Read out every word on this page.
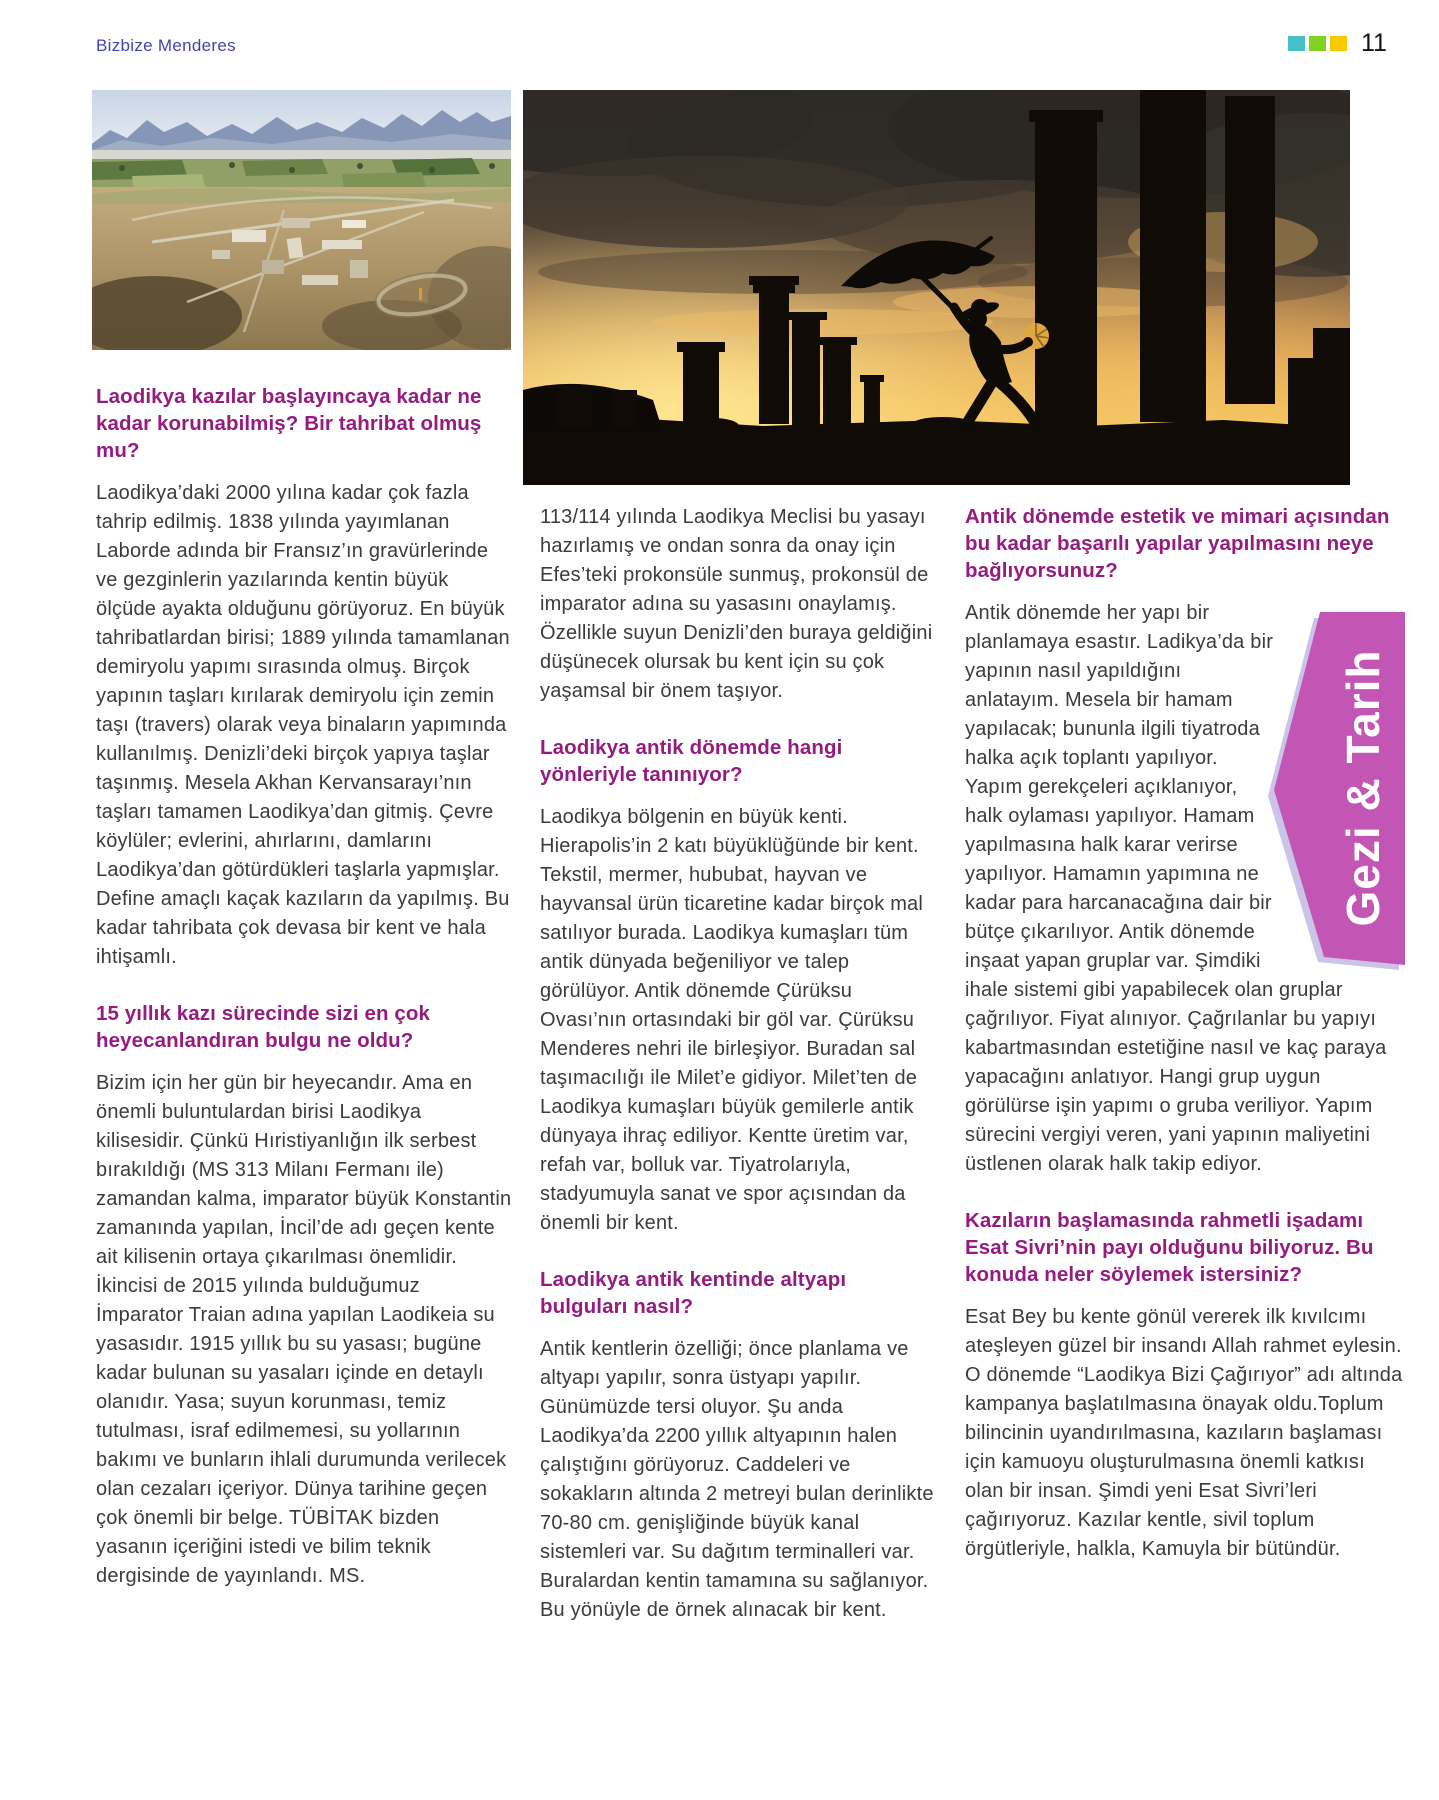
Bizbize Menderes	11
Laodikya kazılar başlayıncaya kadar ne kadar korunabilmiş? Bir tahribat olmuş mu?

Laodikya’daki 2000 yılına kadar çok fazla tahrip edilmiş. 1838 yılında yayımlanan Laborde adında bir Fransız’ın gravürlerinde ve gezginlerin yazılarında kentin büyük ölçüde ayakta olduğunu görüyoruz. En büyük tahribatlardan birisi; 1889 yılında tamamlanan demiryolu yapımı sırasında olmuş. Birçok yapının taşları kırılarak demiryolu için zemin taşı (travers) olarak veya binaların yapımında kullanılmış. Denizli’deki birçok yapıya taşlar taşınmış. Mesela Akhan Kervansarayı’nın taşları tamamen Laodikya’dan gitmiş. Çevre köylüler; evlerini, ahırlarını, damlarını Laodikya’dan götürdükleri taşlarla yapmışlar. Define amaçlı kaçak kazıların da yapılmış. Bu kadar tahribata çok devasa bir kent ve hala ihtişamlı.

15 yıllık kazı sürecinde sizi en çok heyecanlandıran bulgu ne oldu?

Bizim için her gün bir heyecandır. Ama en önemli buluntulardan birisi Laodikya kilisesidir. Çünkü Hıristiyanlığın ilk serbest bırakıldığı (MS 313 Milanı Fermanı ile) zamandan kalma, imparator büyük Konstantin zamanında yapılan, İncil’de adı geçen kente ait kilisenin ortaya çıkarılması önemlidir. İkincisi de 2015 yılında bulduğumuz İmparator Traian adına yapılan Laodikeia su yasasıdır. 1915 yıllık bu su yasası; bugüne kadar bulunan su yasaları içinde en detaylı olanıdır. Yasa; suyun korunması, temiz tutulması, israf edilmemesi, su yollarının bakımı ve bunların ihlali durumunda verilecek olan cezaları içeriyor. Dünya tarihine geçen çok önemli bir belge. TÜBİTAK bizden yasanın içeriğini istedi ve bilim teknik dergisinde de yayınlandı. MS.

113/114 yılında Laodikya Meclisi bu yasayı hazırlamış ve ondan sonra da onay için Efes’teki prokonsüle sunmuş, prokonsül de imparator adına su yasasını onaylamış. Özellikle suyun Denizli’den buraya geldiğini düşünecek olursak bu kent için su çok yaşamsal bir önem taşıyor.

Laodikya antik dönemde hangi yönleriyle tanınıyor?

Laodikya bölgenin en büyük kenti. Hierapolis’in 2 katı büyüklüğünde bir kent. Tekstil, mermer, hububat, hayvan ve hayvansal ürün ticaretine kadar birçok mal satılıyor burada. Laodikya kumaşları tüm antik dünyada beğeniliyor ve talep görülüyor. Antik dönemde Çürüksu Ovası’nın ortasındaki bir göl var. Çürüksu Menderes nehri ile birleşiyor. Buradan sal taşımacılığı ile Milet’e gidiyor. Milet’ten de Laodikya kumaşları büyük gemilerle antik dünyaya ihraç ediliyor. Kentte üretim var, refah var, bolluk var. Tiyatrolarıyla, stadyumuyla sanat ve spor açısından da önemli bir kent.

Laodikya antik kentinde altyapı bulguları nasıl?

Antik kentlerin özelliği; önce planlama ve altyapı yapılır, sonra üstyapı yapılır. Günümüzde tersi oluyor. Şu anda Laodikya’da 2200 yıllık altyapının halen çalıştığını görüyoruz. Caddeleri ve sokakların altında 2 metreyi bulan derinlikte 70-80 cm. genişliğinde büyük kanal sistemleri var. Su dağıtım terminalleri var. Buralardan kentin tamamına su sağlanıyor. Bu yönüyle de örnek alınacak bir kent.

Antik dönemde estetik ve mimari açısından bu kadar başarılı yapılar yapılmasını neye bağlıyorsunuz?

Antik dönemde her yapı bir planlamaya esastır. Ladikya’da bir yapının nasıl yapıldığını anlatayım. Mesela bir hamam yapılacak; bununla ilgili tiyatroda halka açık toplantı yapılıyor. Yapım gerekçeleri açıklanıyor, halk oylaması yapılıyor. Hamam yapılmasına halk karar verirse yapılıyor. Hamamın yapımına ne kadar para harcanacağına dair bir bütçe çıkarılıyor. Antik dönemde inşaat yapan gruplar var. Şimdiki ihale sistemi gibi yapabilecek olan gruplar çağrılıyor. Fiyat alınıyor. Çağrılanlar bu yapıyı kabartmasından estetiğine nasıl ve kaç paraya yapacağını anlatıyor. Hangi grup uygun görülürse işin yapımı o gruba veriliyor. Yapım sürecini vergiyi veren, yani yapının maliyetini üstlenen olarak halk takip ediyor.

Kazıların başlamasında rahmetli işadamı Esat Sivri’nin payı olduğunu biliyoruz. Bu konuda neler söylemek istersiniz?

Esat Bey bu kente gönül vererek ilk kıvılcımı ateşleyen güzel bir insandı Allah rahmet eylesin. O dönemde “Laodikya Bizi Çağırıyor” adı altında kampanya başlatılmasına önayak oldu.Toplum bilincinin uyandırılmasına, kazıların başlaması için kamuoyu oluşturulmasına önemli katkısı olan bir insan. Şimdi yeni Esat Sivri’leri çağırıyoruz. Kazılar kentle, sivil toplum örgütleriyle, halkla, Kamuyla bir bütündür.

Gezi & Tarih
